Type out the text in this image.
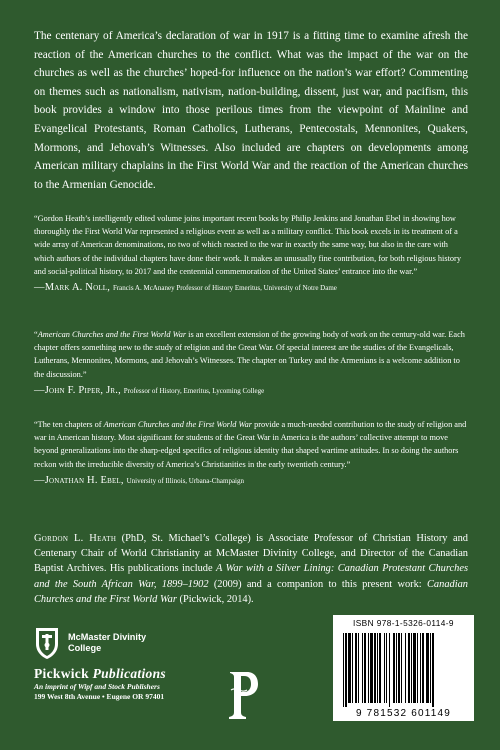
The centenary of America’s declaration of war in 1917 is a fitting time to examine afresh the reaction of the American churches to the conflict. What was the impact of the war on the churches as well as the churches’ hoped-for influence on the nation’s war effort? Commenting on themes such as nationalism, nativism, nation-building, dissent, just war, and pacifism, this book provides a window into those perilous times from the viewpoint of Mainline and Evangelical Protestants, Roman Catholics, Lutherans, Pentecostals, Mennonites, Quakers, Mormons, and Jehovah’s Witnesses. Also included are chapters on developments among American military chaplains in the First World War and the reaction of the American churches to the Armenian Genocide.

“Gordon Heath’s intelligently edited volume joins important recent books by Philip Jenkins and Jonathan Ebel in showing how thoroughly the First World War represented a religious event as well as a military conflict. This book excels in its treatment of a wide array of American denominations, no two of which reacted to the war in exactly the same way, but also in the care with which authors of the individual chapters have done their work. It makes an unusually fine contribution, for both religious history and social-political history, to 2017 and the centennial commemoration of the United States’ entrance into the war.”

—Mark A. Noll, Francis A. McAnaney Professor of History Emeritus, University of Notre Dame

“American Churches and the First World War is an excellent extension of the growing body of work on the century-old war. Each chapter offers something new to the study of religion and the Great War. Of special interest are the studies of the Evangelicals, Lutherans, Mennonites, Mormons, and Jehovah’s Witnesses. The chapter on Turkey and the Armenians is a welcome addition to the discussion.”

—John F. Piper, Jr., Professor of History, Emeritus, Lycoming College

“The ten chapters of American Churches and the First World War provide a much-needed contribution to the study of religion and war in American history. Most significant for students of the Great War in America is the authors’ collective attempt to move beyond generalizations into the sharp-edged specifics of religious identity that shaped wartime attitudes. In so doing the authors reckon with the irreducible diversity of America’s Christianities in the early twentieth century.”

—Jonathan H. Ebel, University of Illinois, Urbana-Champaign

Gordon L. Heath (PhD, St. Michael’s College) is Associate Professor of Christian History and Centenary Chair of World Christianity at McMaster Divinity College, and Director of the Canadian Baptist Archives. His publications include A War with a Silver Lining: Canadian Protestant Churches and the South African War, 1899–1902 (2009) and a companion to this present work: Canadian Churches and the First World War (Pickwick, 2014).

McMaster Divinity
College
Pickwick Publications
An imprint of Wipf and Stock Publishers
199 West 8th Avenue • Eugene OR 97401
ISBN 978-1-5326-0114-9
9 781532 601149
